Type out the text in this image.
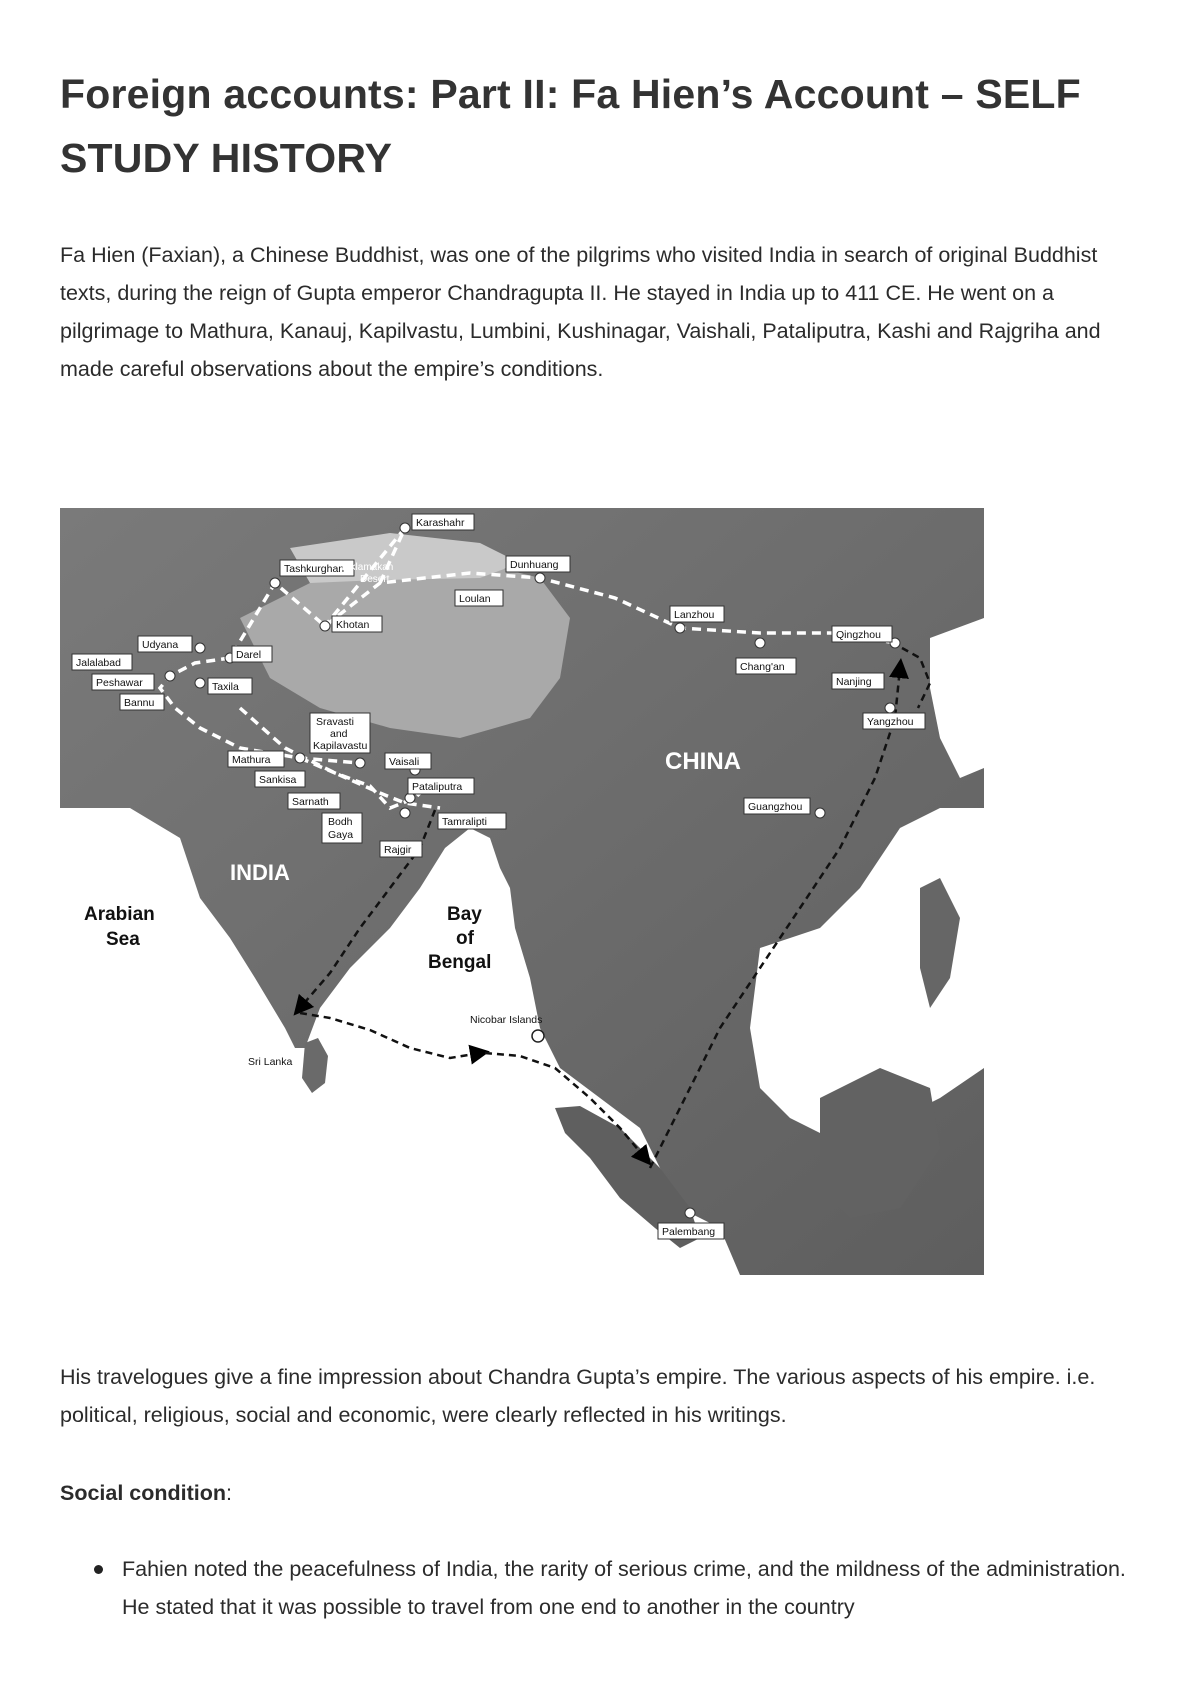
Foreign accounts: Part II: Fa Hien’s Account – SELF STUDY HISTORY

Fa Hien (Faxian), a Chinese Buddhist, was one of the pilgrims who visited India in search of original Buddhist texts, during the reign of Gupta emperor Chandragupta II. He stayed in India up to 411 CE. He went on a pilgrimage to Mathura, Kanauj, Kapilvastu, Lumbini, Kushinagar, Vaishali, Pataliputra, Kashi and Rajgriha and made careful observations about the empire’s conditions.

Karashahr
Tashkurghan	Dunhuang
Loulan
Khotan
Lanzhou
Chang'an
Qingzhou
Nanjing
Yangzhou
Guangzhou
Udyana
Jalalabad
Darel
Peshawar	Taxila
Bannu
Sravasti
and
Kapilavastu
Mathura	Vaisali
Sankisa
Pataliputra
Sarnath
Bodh
Gaya
Tamralipti
Rajgir
Palembang
Taklamakan
Desert
CHINA
INDIA
Arabian
Sea
Bay
of
Bengal
Nicobar Islands
Sri Lanka

His travelogues give a fine impression about Chandra Gupta’s empire. The various aspects of his empire. i.e. political, religious, social and economic, were clearly reflected in his writings.

Social condition:

Fahien noted the peacefulness of India, the rarity of serious crime, and the mildness of the administration. He stated that it was possible to travel from one end to another in the country
